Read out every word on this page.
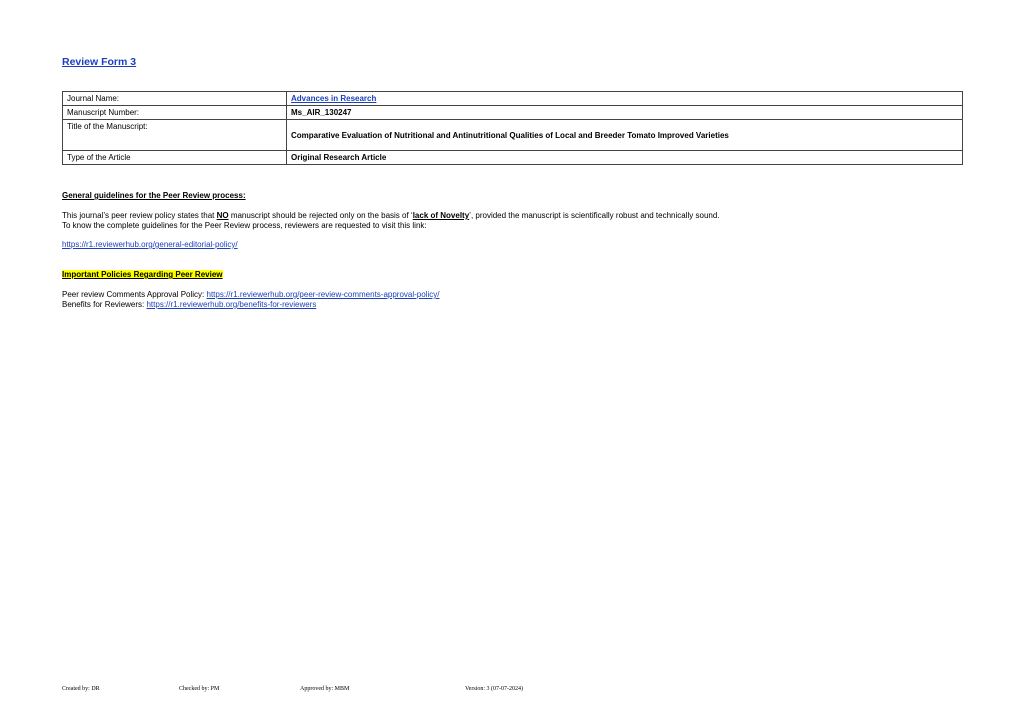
Review Form 3
Journal Name:	Advances in Research
Manuscript Number:	Ms_AIR_130247
Title of the Manuscript:	Comparative Evaluation of Nutritional and Antinutritional Qualities of Local and Breeder Tomato Improved Varieties
Type of the Article	Original Research Article
General guidelines for the Peer Review process:
This journal’s peer review policy states that NO manuscript should be rejected only on the basis of ‘lack of Novelty’, provided the manuscript is scientifically robust and technically sound.
To know the complete guidelines for the Peer Review process, reviewers are requested to visit this link:
https://r1.reviewerhub.org/general-editorial-policy/
Important Policies Regarding Peer Review
Peer review Comments Approval Policy: https://r1.reviewerhub.org/peer-review-comments-approval-policy/
Benefits for Reviewers: https://r1.reviewerhub.org/benefits-for-reviewers
Created by: DR	Checked by: PM	Approved by: MBM	Version: 3 (07-07-2024)
